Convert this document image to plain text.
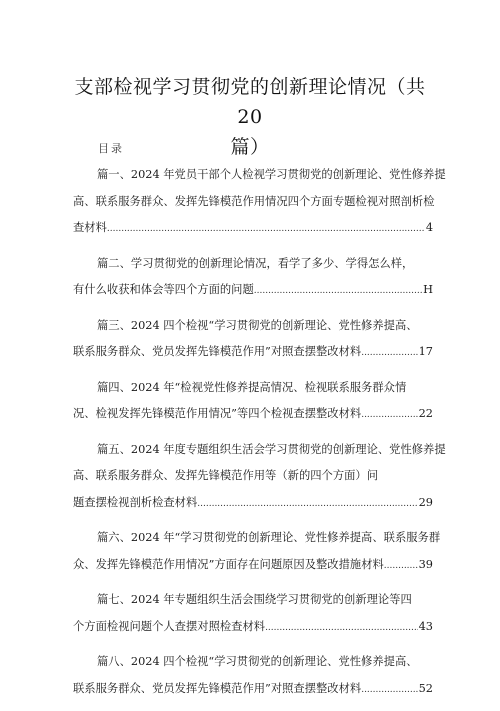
支部检视学习贯彻党的创新理论情况（共 20
篇）
目录
篇一、2024 年党员干部个人检视学习贯彻党的创新理论、党性修养提
高、联系服务群众、发挥先锋模范作用情况四个方面专题检视对照剖析检
查材料 .....	4
篇二、学习贯彻党的创新理论情况，看学了多少、学得怎么样，
有什么收获和体会等四个方面的问题 .....	H
篇三、2024 四个检视“学习贯彻党的创新理论、党性修养提高、
联系服务群众、党员发挥先锋模范作用”对照查摆整改材料 .....	17
篇四、2024 年“检视党性修养提高情况、检视联系服务群众情
况、检视发挥先锋模范作用情况”等四个检视查摆整改材料 .....	22
篇五、2024 年度专题组织生活会学习贯彻党的创新理论、党性修养提
高、联系服务群众、发挥先锋模范作用等（新的四个方面）问
题查摆检视剖析检查材料 .....	29
篇六、2024 年“学习贯彻党的创新理论、党性修养提高、联系服务群
众、发挥先锋模范作用情况”方面存在问题原因及整改措施材料 .....	39
篇七、2024 年专题组织生活会围绕学习贯彻党的创新理论等四
个方面检视问题个人查摆对照检查材料 .....	43
篇八、2024 四个检视“学习贯彻党的创新理论、党性修养提高、
联系服务群众、党员发挥先锋模范作用”对照查摆整改材料 .....	52
